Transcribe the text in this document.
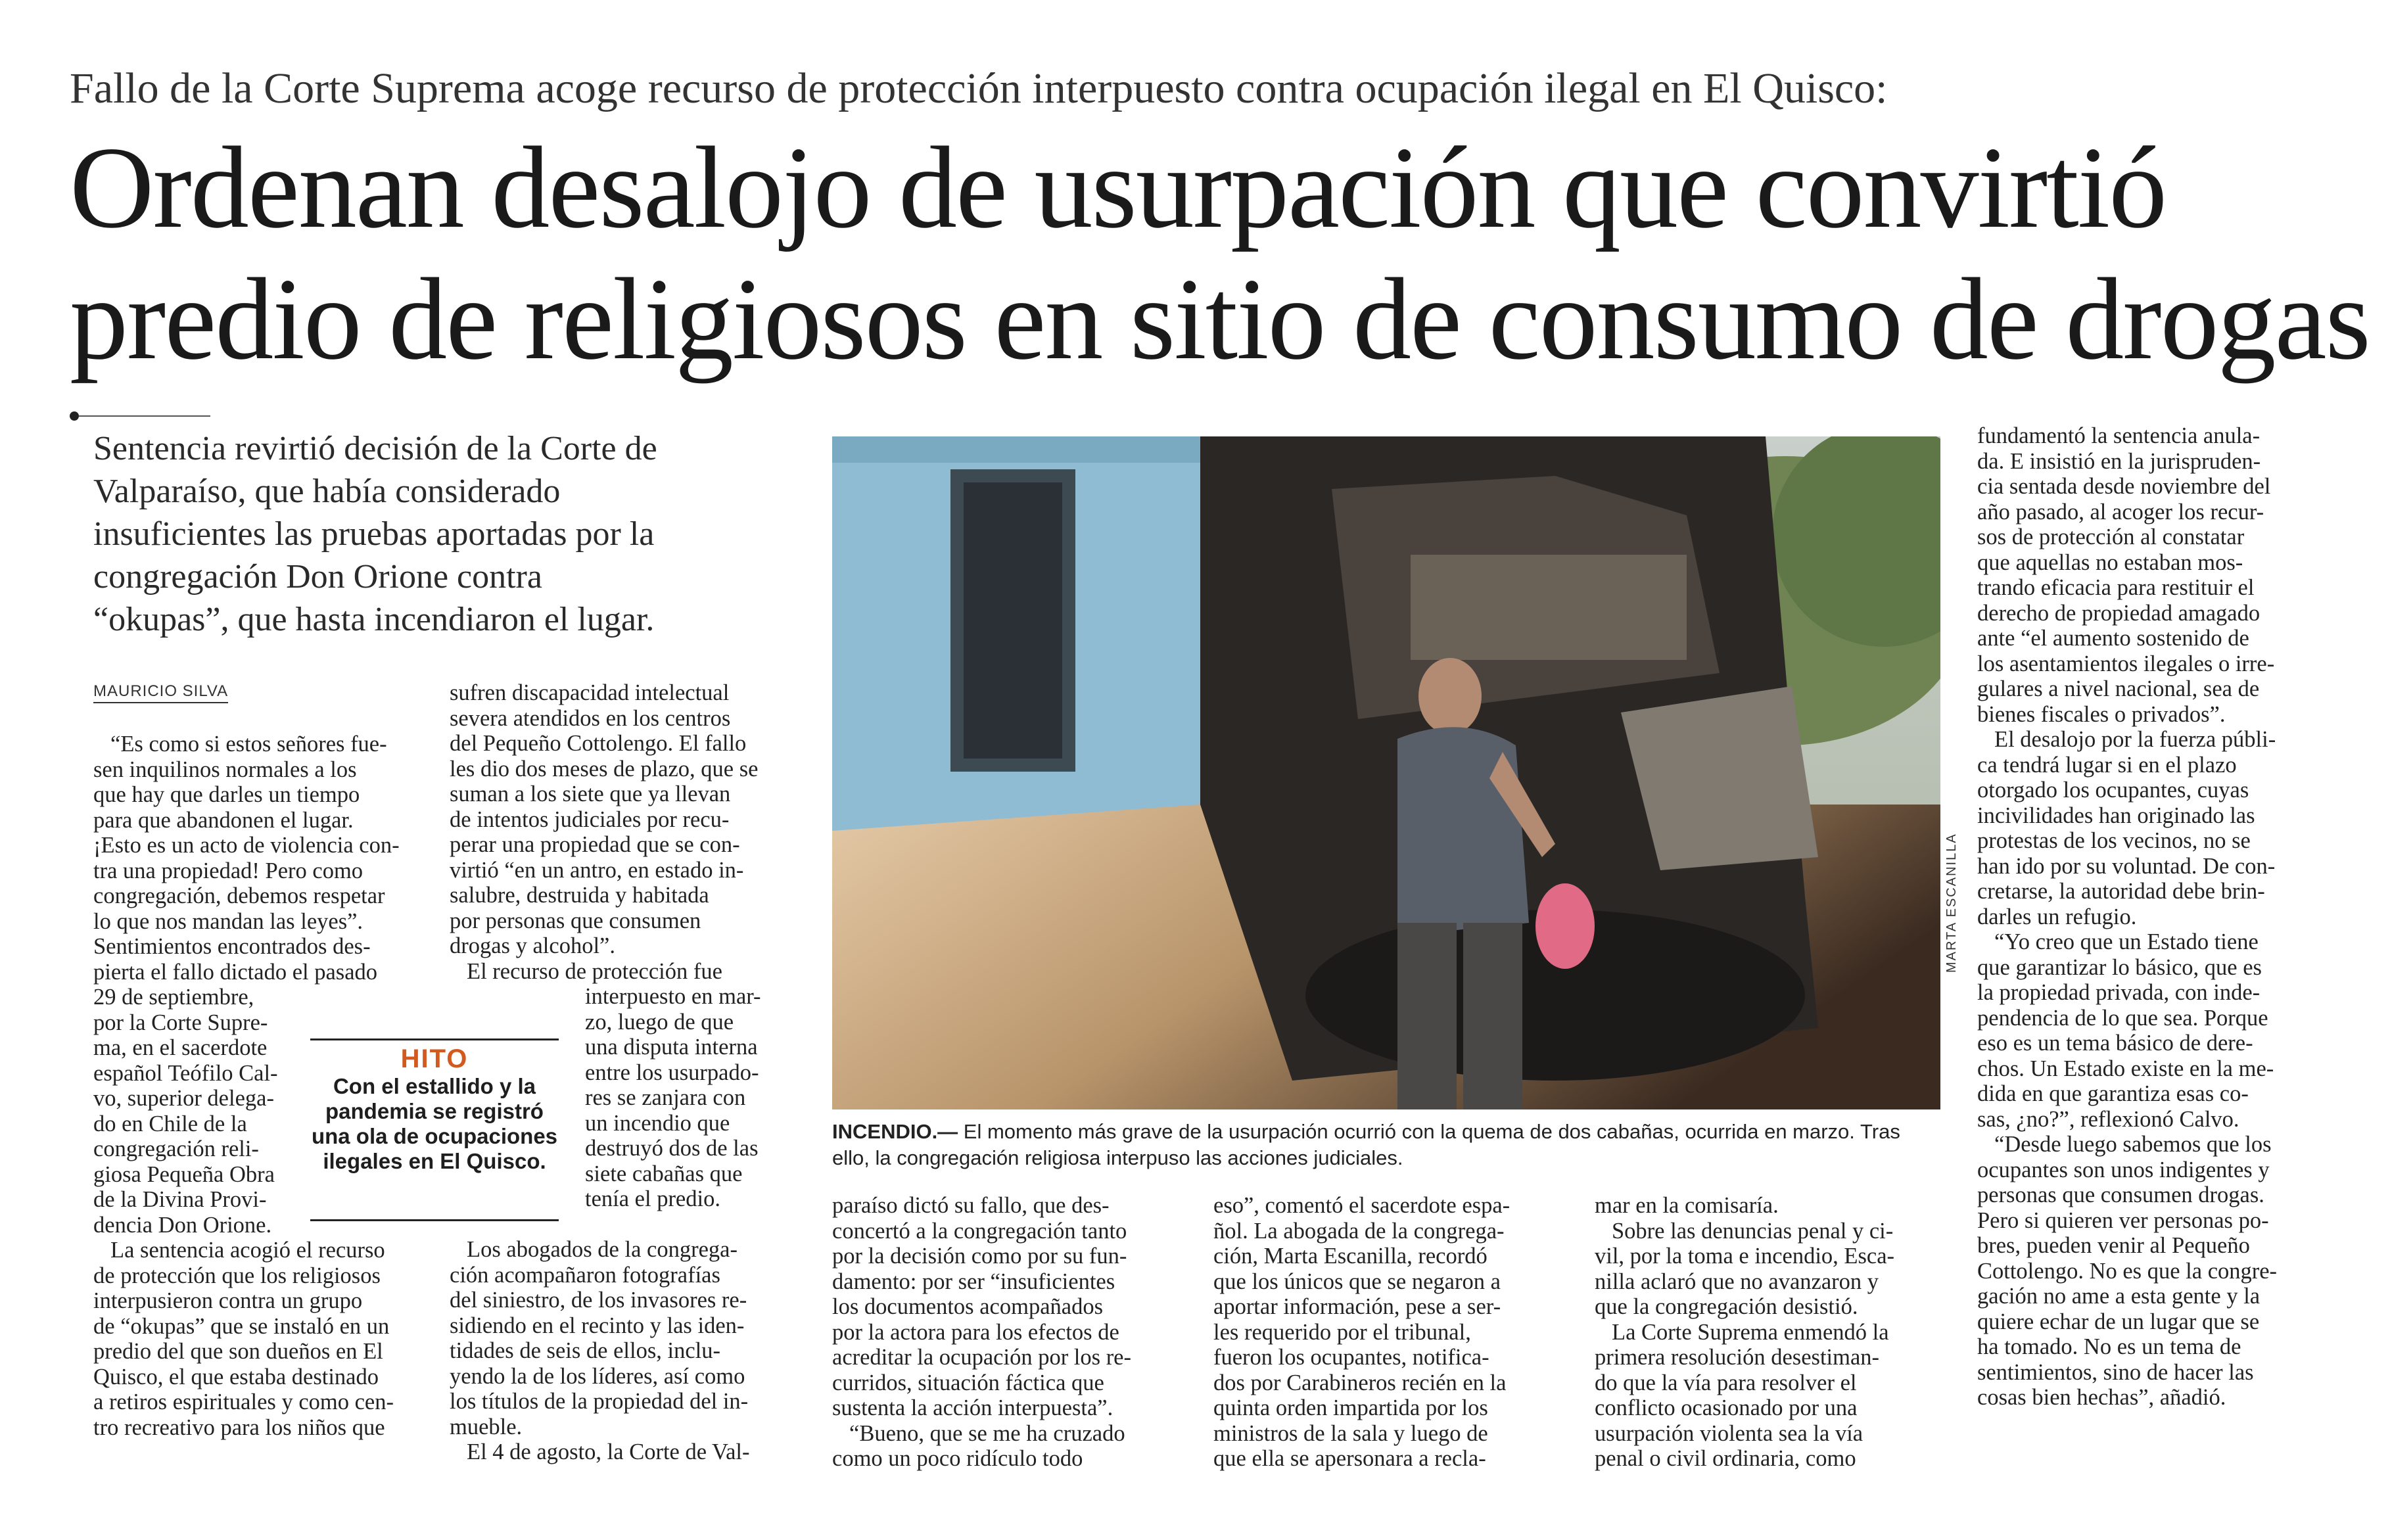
Fallo de la Corte Suprema acoge recurso de protección interpuesto contra ocupación ilegal en El Quisco:
Ordenan desalojo de usurpación que convirtió
predio de religiosos en sitio de consumo de drogas
Sentencia revirtió decisión de la Corte de
Valparaíso, que había considerado
insuficientes las pruebas aportadas por la
congregación Don Orione contra
“okupas”, que hasta incendiaron el lugar.
MAURICIO SILVA
“Es como si estos señores fue-
sen inquilinos normales a los
que hay que darles un tiempo
para que abandonen el lugar.
¡Esto es un acto de violencia con-
tra una propiedad! Pero como
congregación, debemos respetar
lo que nos mandan las leyes”.
Sentimientos encontrados des-
pierta el fallo dictado el pasado
29 de septiembre,
por la Corte Supre-
ma, en el sacerdote
español Teófilo Cal-
vo, superior delega-
do en Chile de la
congregación reli-
giosa Pequeña Obra
de la Divina Provi-
dencia Don Orione.
La sentencia acogió el recurso
de protección que los religiosos
interpusieron contra un grupo
de “okupas” que se instaló en un
predio del que son dueños en El
Quisco, el que estaba destinado
a retiros espirituales y como cen-
tro recreativo para los niños que
sufren discapacidad intelectual
severa atendidos en los centros
del Pequeño Cottolengo. El fallo
les dio dos meses de plazo, que se
suman a los siete que ya llevan
de intentos judiciales por recu-
perar una propiedad que se con-
virtió “en un antro, en estado in-
salubre, destruida y habitada
por personas que consumen
drogas y alcohol”.
El recurso de protección fue
interpuesto en mar-
zo, luego de que
una disputa interna
entre los usurpado-
res se zanjara con
un incendio que
destruyó dos de las
siete cabañas que
tenía el predio.
Los abogados de la congrega-
ción acompañaron fotografías
del siniestro, de los invasores re-
sidiendo en el recinto y las iden-
tidades de seis de ellos, inclu-
yendo la de los líderes, así como
los títulos de la propiedad del in-
mueble.
El 4 de agosto, la Corte de Val-
HITO
Con el estallido y la
pandemia se registró
una ola de ocupaciones
ilegales en El Quisco.
MARTA ESCANILLA
INCENDIO.— El momento más grave de la usurpación ocurrió con la quema de dos cabañas, ocurrida en marzo. Tras
ello, la congregación religiosa interpuso las acciones judiciales.
paraíso dictó su fallo, que des-
concertó a la congregación tanto
por la decisión como por su fun-
damento: por ser “insuficientes
los documentos acompañados
por la actora para los efectos de
acreditar la ocupación por los re-
curridos, situación fáctica que
sustenta la acción interpuesta”.
“Bueno, que se me ha cruzado
como un poco ridículo todo
eso”, comentó el sacerdote espa-
ñol. La abogada de la congrega-
ción, Marta Escanilla, recordó
que los únicos que se negaron a
aportar información, pese a ser-
les requerido por el tribunal,
fueron los ocupantes, notifica-
dos por Carabineros recién en la
quinta orden impartida por los
ministros de la sala y luego de
que ella se apersonara a recla-
mar en la comisaría.
Sobre las denuncias penal y ci-
vil, por la toma e incendio, Esca-
nilla aclaró que no avanzaron y
que la congregación desistió.
La Corte Suprema enmendó la
primera resolución desestiman-
do que la vía para resolver el
conflicto ocasionado por una
usurpación violenta sea la vía
penal o civil ordinaria, como
fundamentó la sentencia anula-
da. E insistió en la jurispruden-
cia sentada desde noviembre del
año pasado, al acoger los recur-
sos de protección al constatar
que aquellas no estaban mos-
trando eficacia para restituir el
derecho de propiedad amagado
ante “el aumento sostenido de
los asentamientos ilegales o irre-
gulares a nivel nacional, sea de
bienes fiscales o privados”.
El desalojo por la fuerza públi-
ca tendrá lugar si en el plazo
otorgado los ocupantes, cuyas
incivilidades han originado las
protestas de los vecinos, no se
han ido por su voluntad. De con-
cretarse, la autoridad debe brin-
darles un refugio.
“Yo creo que un Estado tiene
que garantizar lo básico, que es
la propiedad privada, con inde-
pendencia de lo que sea. Porque
eso es un tema básico de dere-
chos. Un Estado existe en la me-
dida en que garantiza esas co-
sas, ¿no?”, reflexionó Calvo.
“Desde luego sabemos que los
ocupantes son unos indigentes y
personas que consumen drogas.
Pero si quieren ver personas po-
bres, pueden venir al Pequeño
Cottolengo. No es que la congre-
gación no ame a esta gente y la
quiere echar de un lugar que se
ha tomado. No es un tema de
sentimientos, sino de hacer las
cosas bien hechas”, añadió.
